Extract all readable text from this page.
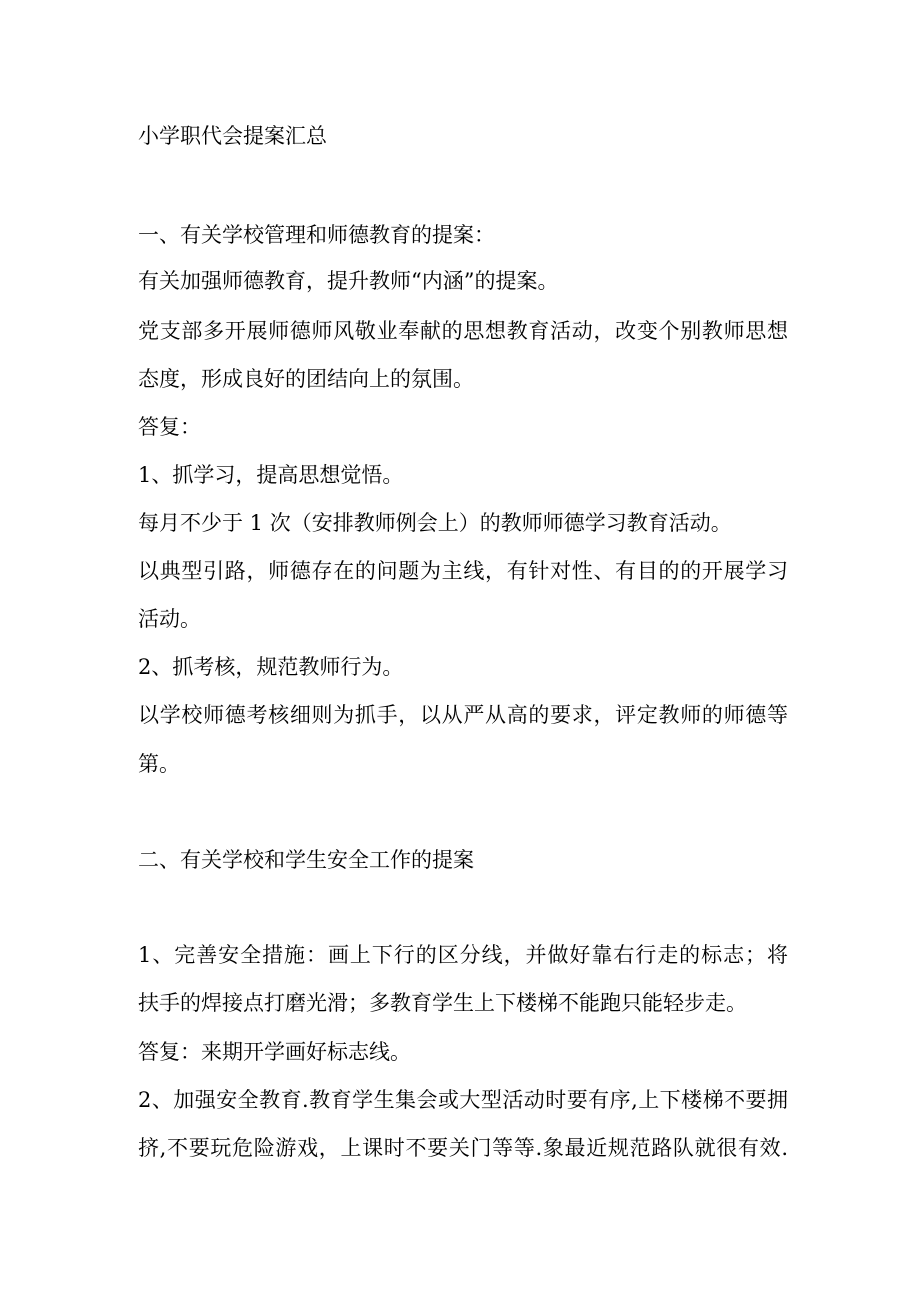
小学职代会提案汇总

一、有关学校管理和师德教育的提案：

有关加强师德教育，提升教师“内涵”的提案。

党支部多开展师德师风敬业奉献的思想教育活动，改变个别教师思想

态度，形成良好的团结向上的氛围。

答复：

1、抓学习，提高思想觉悟。

每月不少于 1 次（安排教师例会上）的教师师德学习教育活动。

以典型引路，师德存在的问题为主线，有针对性、有目的的开展学习

活动。

2、抓考核，规范教师行为。

以学校师德考核细则为抓手，以从严从高的要求，评定教师的师德等

第。

二、有关学校和学生安全工作的提案

1、完善安全措施：画上下行的区分线，并做好靠右行走的标志；将

扶手的焊接点打磨光滑；多教育学生上下楼梯不能跑只能轻步走。

答复：来期开学画好标志线。

2、加强安全教育.教育学生集会或大型活动时要有序,上下楼梯不要拥

挤,不要玩危险游戏，上课时不要关门等等.象最近规范路队就很有效.
